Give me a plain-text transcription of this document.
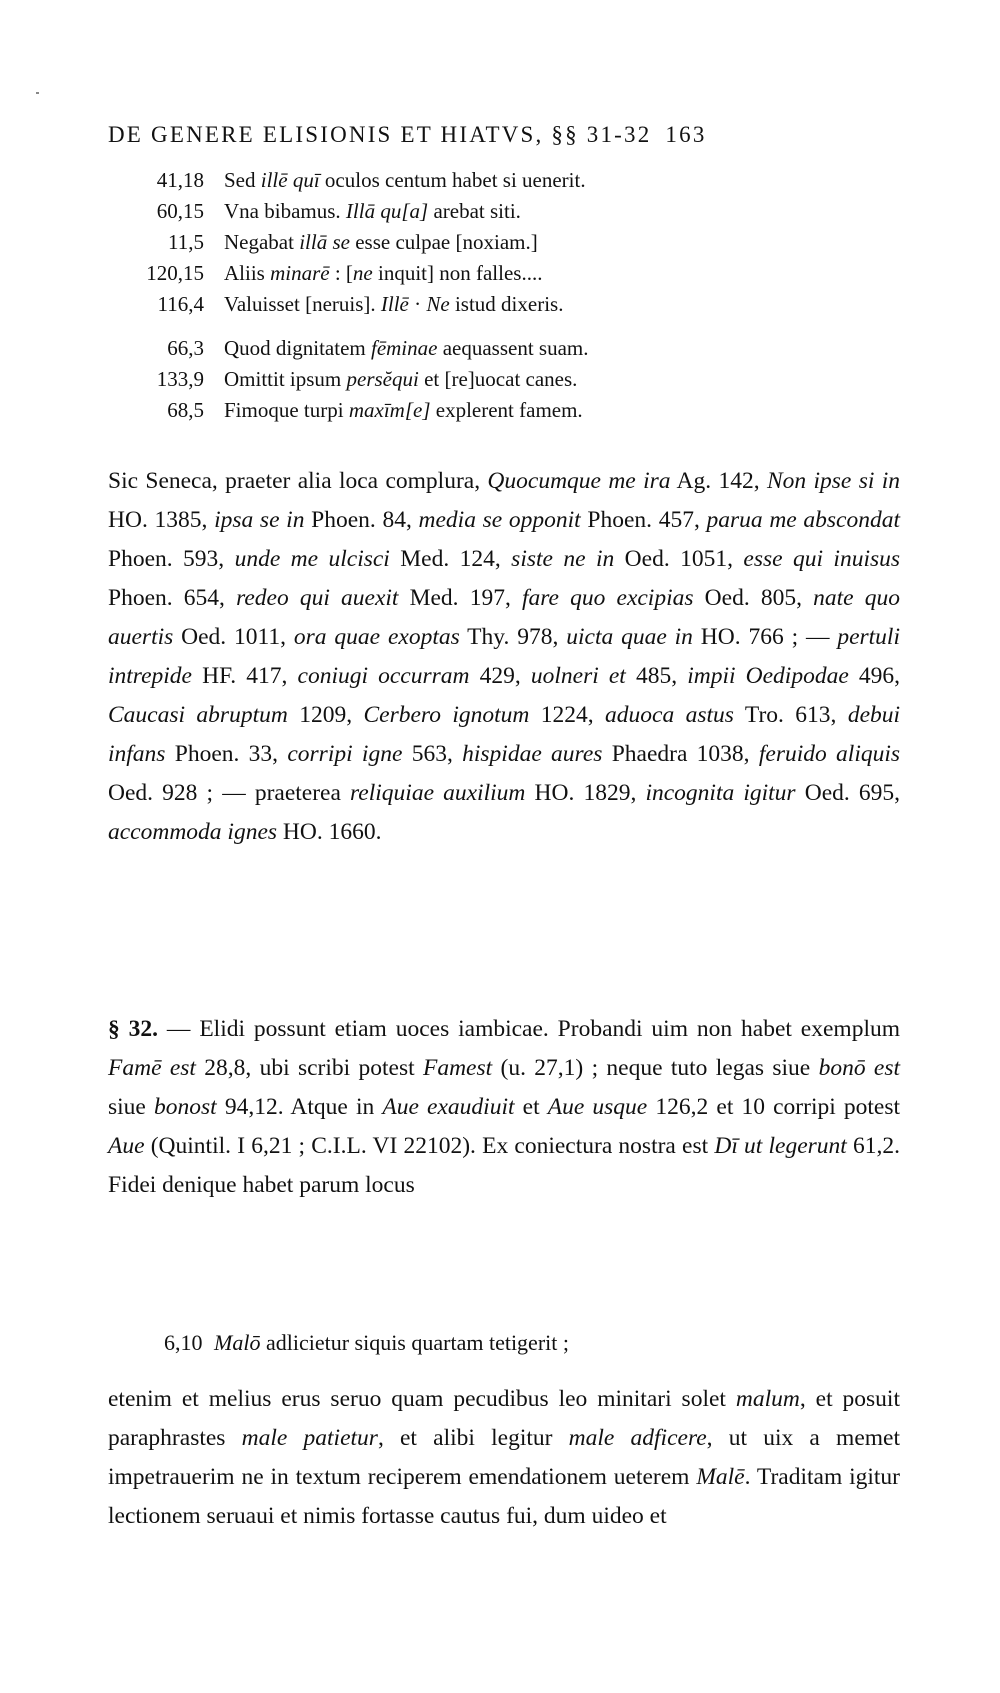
DE GENERE ELISIONIS ET HIATVS, §§ 31-32 163
41,18 Sed illē quī oculos centum habet si uenerit.
60,15 Vna bibamus. Illā qu[a] arebat siti.
11,5 Negabat illā se esse culpae [noxiam.]
120,15 Aliis minarē : [ne inquit] non falles....
116,4 Valuisset [neruis]. Illē · Ne istud dixeris.
66,3 Quod dignitatem fēminae aequassent suam.
133,9 Omittit ipsum persĕqui et [re]uocat canes.
68,5 Fimoque turpi maxīm[e] explerent famem.
Sic Seneca, praeter alia loca complura, Quocumque me ira Ag. 142, Non ipse si in HO. 1385, ipsa se in Phoen. 84, media se opponit Phoen. 457, parua me abscondat Phoen. 593, unde me ulcisci Med. 124, siste ne in Oed. 1051, esse qui inuisus Phoen. 654, redeo qui auexit Med. 197, fare quo excipias Oed. 805, nate quo auertis Oed. 1011, ora quae exoptas Thy. 978, uicta quae in HO. 766 ; — pertuli intrepide HF. 417, coniugi occurram 429, uolneri et 485, impii Oedipodae 496, Caucasi abruptum 1209, Cerbero ignotum 1224, aduoca astus Tro. 613, debui infans Phoen. 33, corripi igne 563, hispidae aures Phaedra 1038, feruido aliquis Oed. 928 ; — praeterea reliquiae auxilium HO. 1829, incognita igitur Oed. 695, accommoda ignes HO. 1660.
§ 32. — Elidi possunt etiam uoces iambicae. Probandi uim non habet exemplum Famē est 28,8, ubi scribi potest Famest (u. 27,1) ; neque tuto legas siue bonō est siue bonost 94,12. Atque in Aue exaudiuit et Aue usque 126,2 et 10 corripi potest Aue (Quintil. I 6,21 ; C.I.L. VI 22102). Ex coniectura nostra est Dī ut legerunt 61,2. Fidei denique habet parum locus
6,10 Malō adlicietur siquis quartam tetigerit ;
etenim et melius erus seruo quam pecudibus leo minitari solet malum, et posuit paraphrastes male patietur, et alibi legitur male adficere, ut uix a memet impetrauerim ne in textum reciperem emendationem ueterem Malē. Traditam igitur lectionem seruaui et nimis fortasse cautus fui, dum uideo et
